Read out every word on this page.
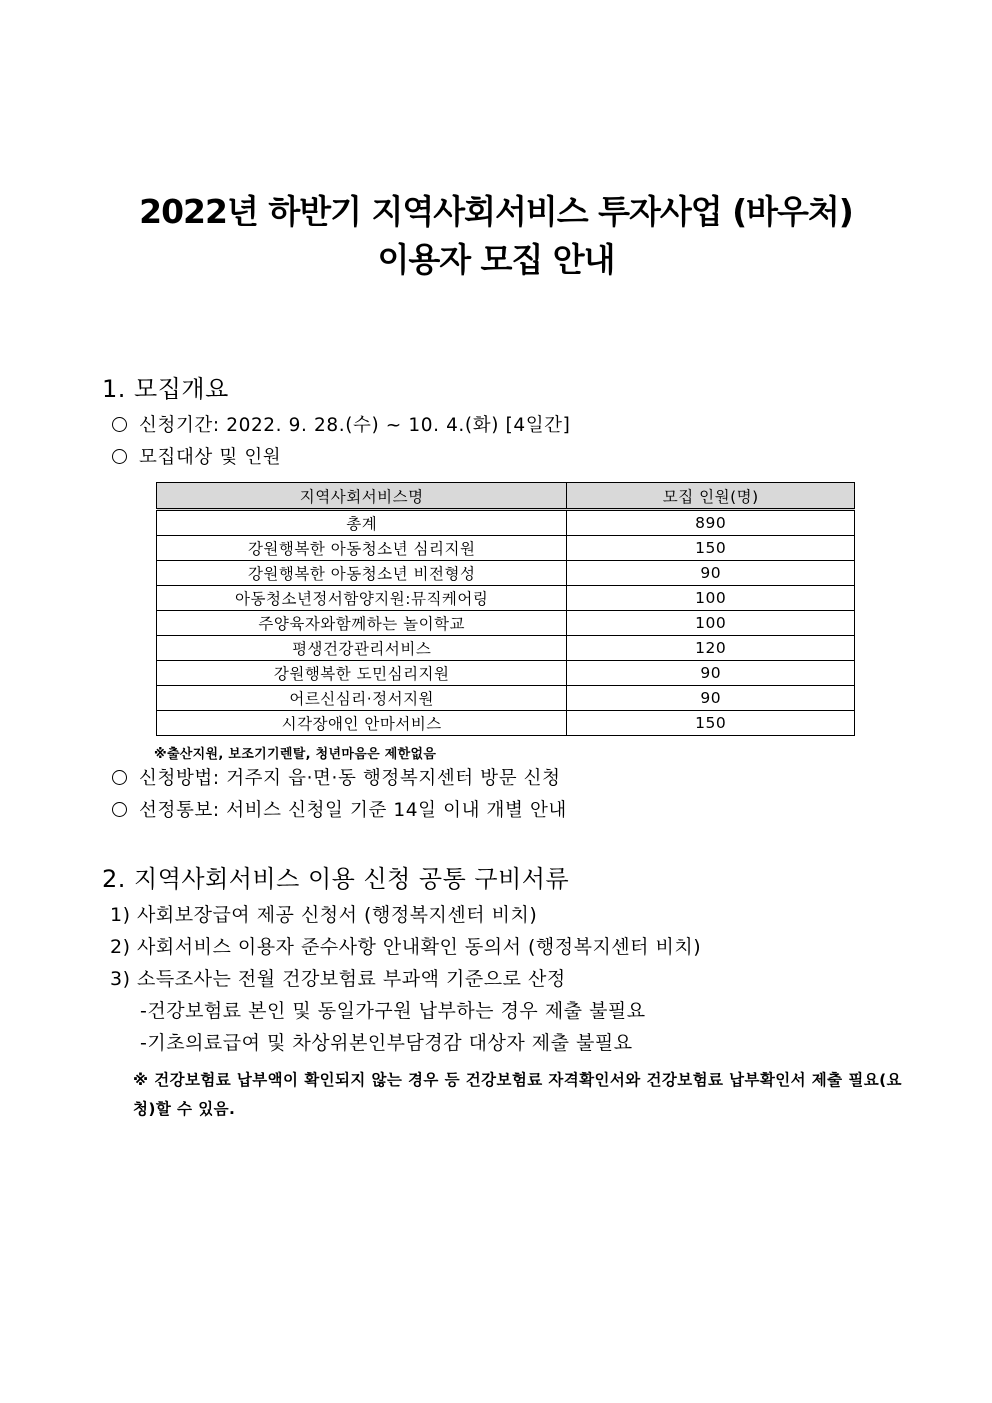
2022년 하반기 지역사회서비스 투자사업 (바우처)
이용자 모집 안내
1. 모집개요
신청기간: 2022. 9. 28.(수) ~ 10. 4.(화) [4일간]
모집대상 및 인원
지역사회서비스명	모집 인원(명)
총계	890
강원행복한 아동청소년 심리지원	150
강원행복한 아동청소년 비전형성	90
아동청소년정서함양지원:뮤직케어링	100
주양육자와함께하는 놀이학교	100
평생건강관리서비스	120
강원행복한 도민심리지원	90
어르신심리·정서지원	90
시각장애인 안마서비스	150
※출산지원, 보조기기렌탈, 청년마음은 제한없음
신청방법: 거주지 읍·면·동 행정복지센터 방문 신청
선정통보: 서비스 신청일 기준 14일 이내 개별 안내
2. 지역사회서비스 이용 신청 공통 구비서류
1) 사회보장급여 제공 신청서 (행정복지센터 비치)
2) 사회서비스 이용자 준수사항 안내확인 동의서 (행정복지센터 비치)
3) 소득조사는 전월 건강보험료 부과액 기준으로 산정
-건강보험료 본인 및 동일가구원 납부하는 경우 제출 불필요
-기초의료급여 및 차상위본인부담경감 대상자 제출 불필요
※ 건강보험료 납부액이 확인되지 않는 경우 등 건강보험료 자격확인서와 건강보험료 납부확인서 제출 필요(요청)할 수 있음.
